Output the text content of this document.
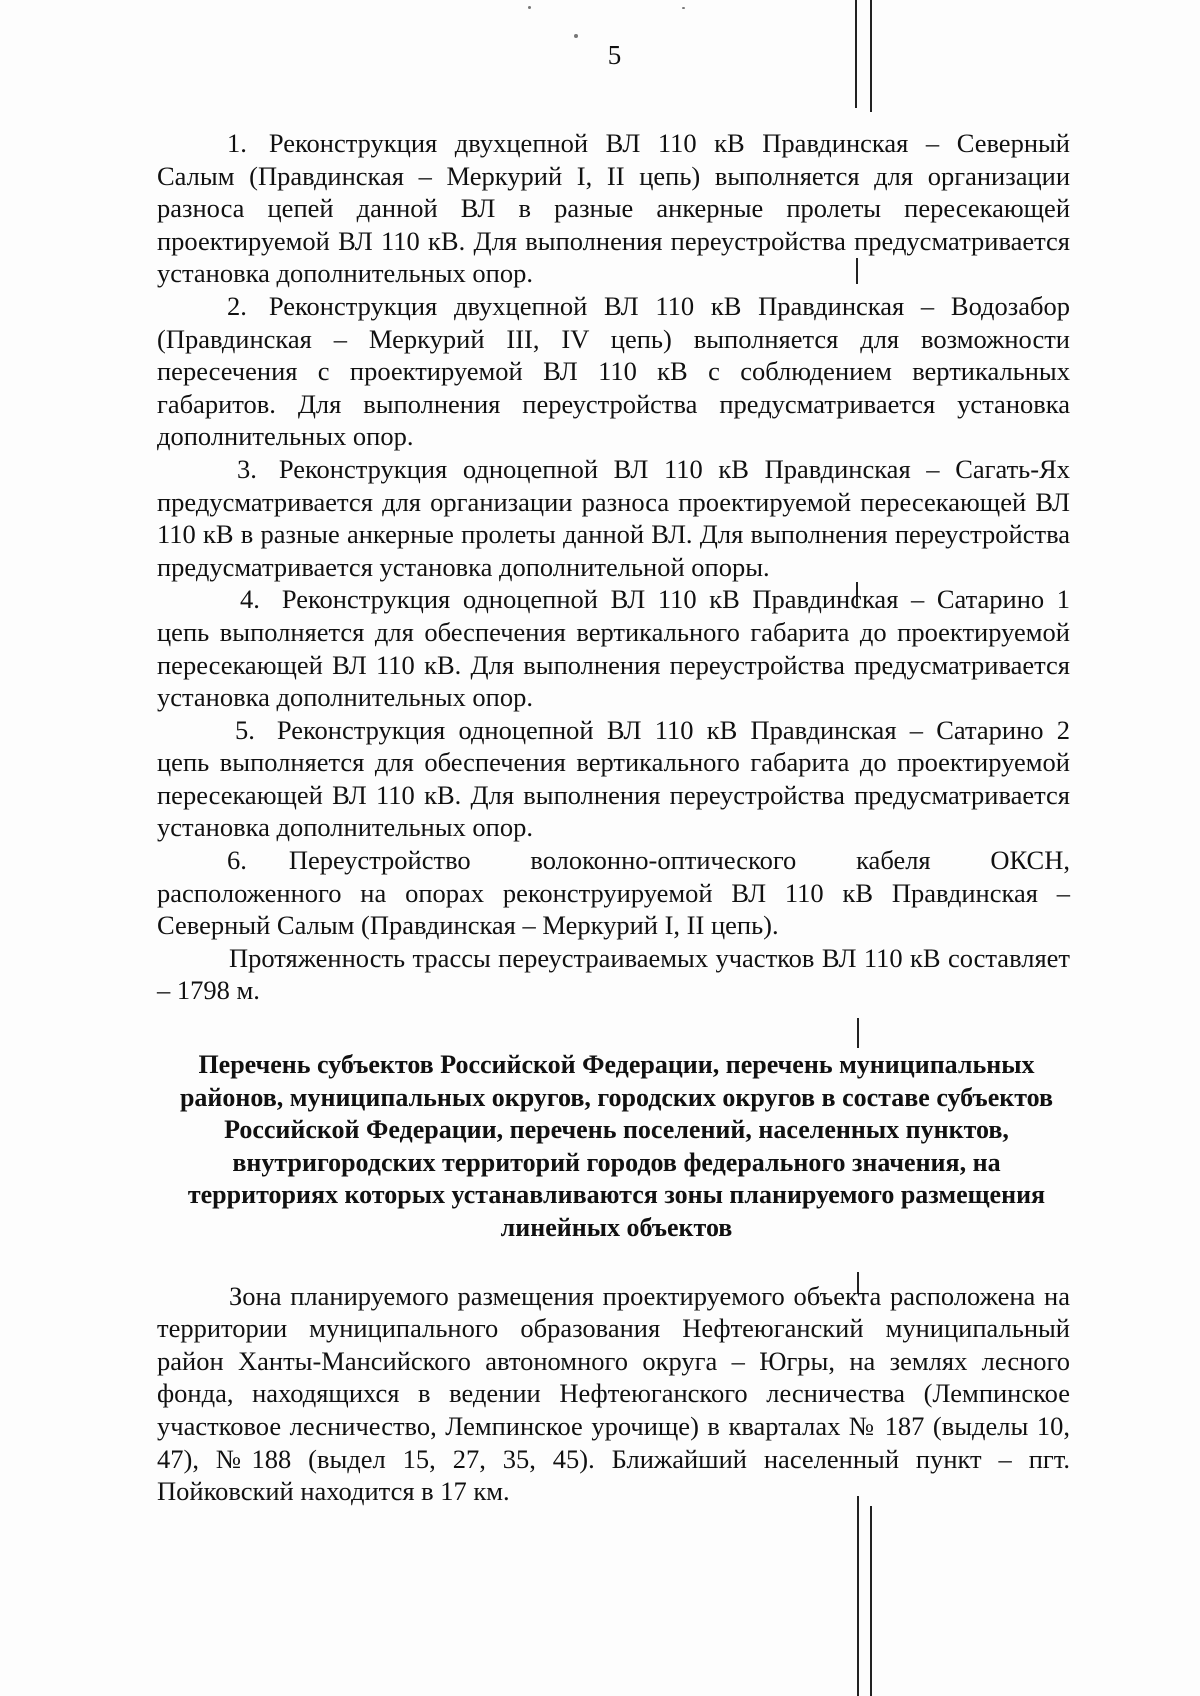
5

1. Реконструкция двухцепной ВЛ 110 кВ Правдинская – Северный Салым (Правдинская – Меркурий I, II цепь) выполняется для организации разноса цепей данной ВЛ в разные анкерные пролеты пересекающей проектируемой ВЛ 110 кВ. Для выполнения переустройства предусматривается установка дополнительных опор.

2. Реконструкция двухцепной ВЛ 110 кВ Правдинская – Водозабор (Правдинская – Меркурий III, IV цепь) выполняется для возможности пересечения с проектируемой ВЛ 110 кВ с соблюдением вертикальных габаритов. Для выполнения переустройства предусматривается установка дополнительных опор.

3. Реконструкция одноцепной ВЛ 110 кВ Правдинская – Сагать-Ях предусматривается для организации разноса проектируемой пересекающей ВЛ 110 кВ в разные анкерные пролеты данной ВЛ. Для выполнения переустройства предусматривается установка дополнительной опоры.

4. Реконструкция одноцепной ВЛ 110 кВ Правдинская – Сатарино 1 цепь выполняется для обеспечения вертикального габарита до проектируемой пересекающей ВЛ 110 кВ. Для выполнения переустройства предусматривается установка дополнительных опор.

5. Реконструкция одноцепной ВЛ 110 кВ Правдинская – Сатарино 2 цепь выполняется для обеспечения вертикального габарита до проектируемой пересекающей ВЛ 110 кВ. Для выполнения переустройства предусматривается установка дополнительных опор.

6. Переустройство волоконно-оптического кабеля ОКСН, расположенного на опорах реконструируемой ВЛ 110 кВ Правдинская – Северный Салым (Правдинская – Меркурий I, II цепь).

Протяженность трассы переустраиваемых участков ВЛ 110 кВ составляет – 1798 м.

Перечень субъектов Российской Федерации, перечень муниципальных районов, муниципальных округов, городских округов в составе субъектов Российской Федерации, перечень поселений, населенных пунктов, внутригородских территорий городов федерального значения, на территориях которых устанавливаются зоны планируемого размещения линейных объектов

Зона планируемого размещения проектируемого объекта расположена на территории муниципального образования Нефтеюганский муниципальный район Ханты-Мансийского автономного округа – Югры, на землях лесного фонда, находящихся в ведении Нефтеюганского лесничества (Лемпинское участковое лесничество, Лемпинское урочище) в кварталах № 187 (выделы 10, 47), №188 (выдел 15, 27, 35, 45). Ближайший населенный пункт – пгт. Пойковский находится в 17 км.
